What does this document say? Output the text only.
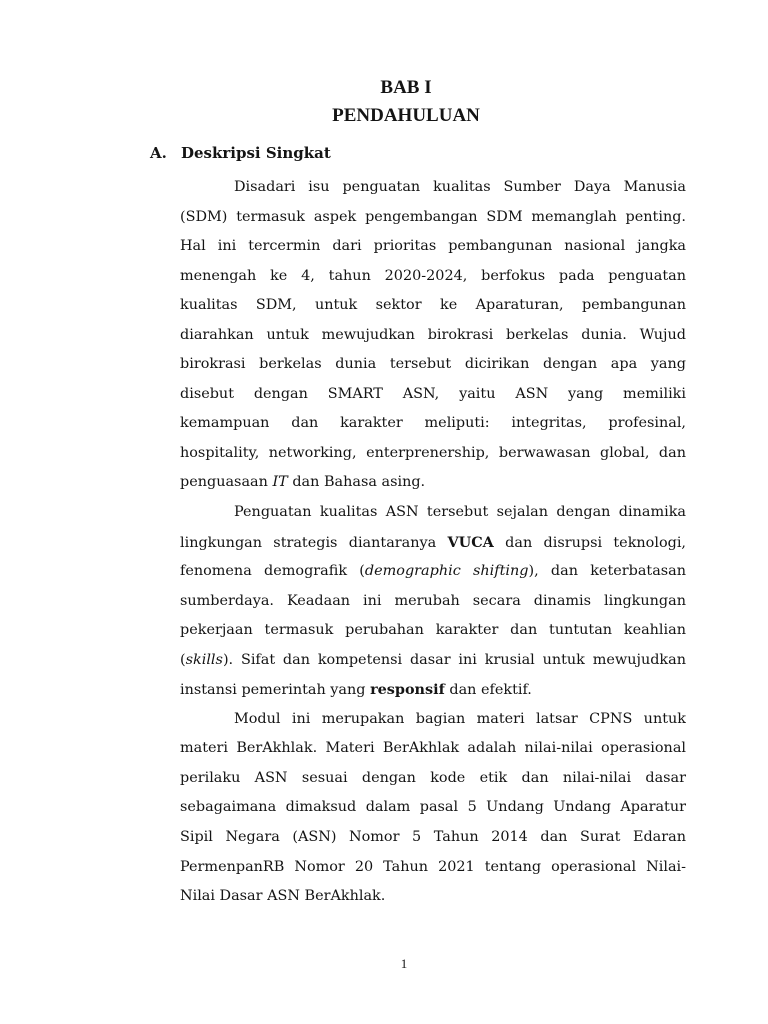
BAB I
PENDAHULUAN
A. Deskripsi Singkat
Disadari isu penguatan kualitas Sumber Daya Manusia
(SDM) termasuk aspek pengembangan SDM memanglah penting.
Hal ini tercermin dari prioritas pembangunan nasional jangka
menengah ke 4, tahun 2020-2024, berfokus pada penguatan
kualitas SDM, untuk sektor ke Aparaturan, pembangunan
diarahkan untuk mewujudkan birokrasi berkelas dunia. Wujud
birokrasi berkelas dunia tersebut dicirikan dengan apa yang
disebut dengan SMART ASN, yaitu ASN yang memiliki
kemampuan dan karakter meliputi: integritas, profesinal,
hospitality, networking, enterprenership, berwawasan global, dan
penguasaan IT dan Bahasa asing.
Penguatan kualitas ASN tersebut sejalan dengan dinamika
lingkungan strategis diantaranya VUCA dan disrupsi teknologi,
fenomena demografik (demographic shifting), dan keterbatasan
sumberdaya. Keadaan ini merubah secara dinamis lingkungan
pekerjaan termasuk perubahan karakter dan tuntutan keahlian
(skills). Sifat dan kompetensi dasar ini krusial untuk mewujudkan
instansi pemerintah yang responsif dan efektif.
Modul ini merupakan bagian materi latsar CPNS untuk
materi BerAkhlak. Materi BerAkhlak adalah nilai-nilai operasional
perilaku ASN sesuai dengan kode etik dan nilai-nilai dasar
sebagaimana dimaksud dalam pasal 5 Undang Undang Aparatur
Sipil Negara (ASN) Nomor 5 Tahun 2014 dan Surat Edaran
PermenpanRB Nomor 20 Tahun 2021 tentang operasional Nilai-
Nilai Dasar ASN BerAkhlak.
1
